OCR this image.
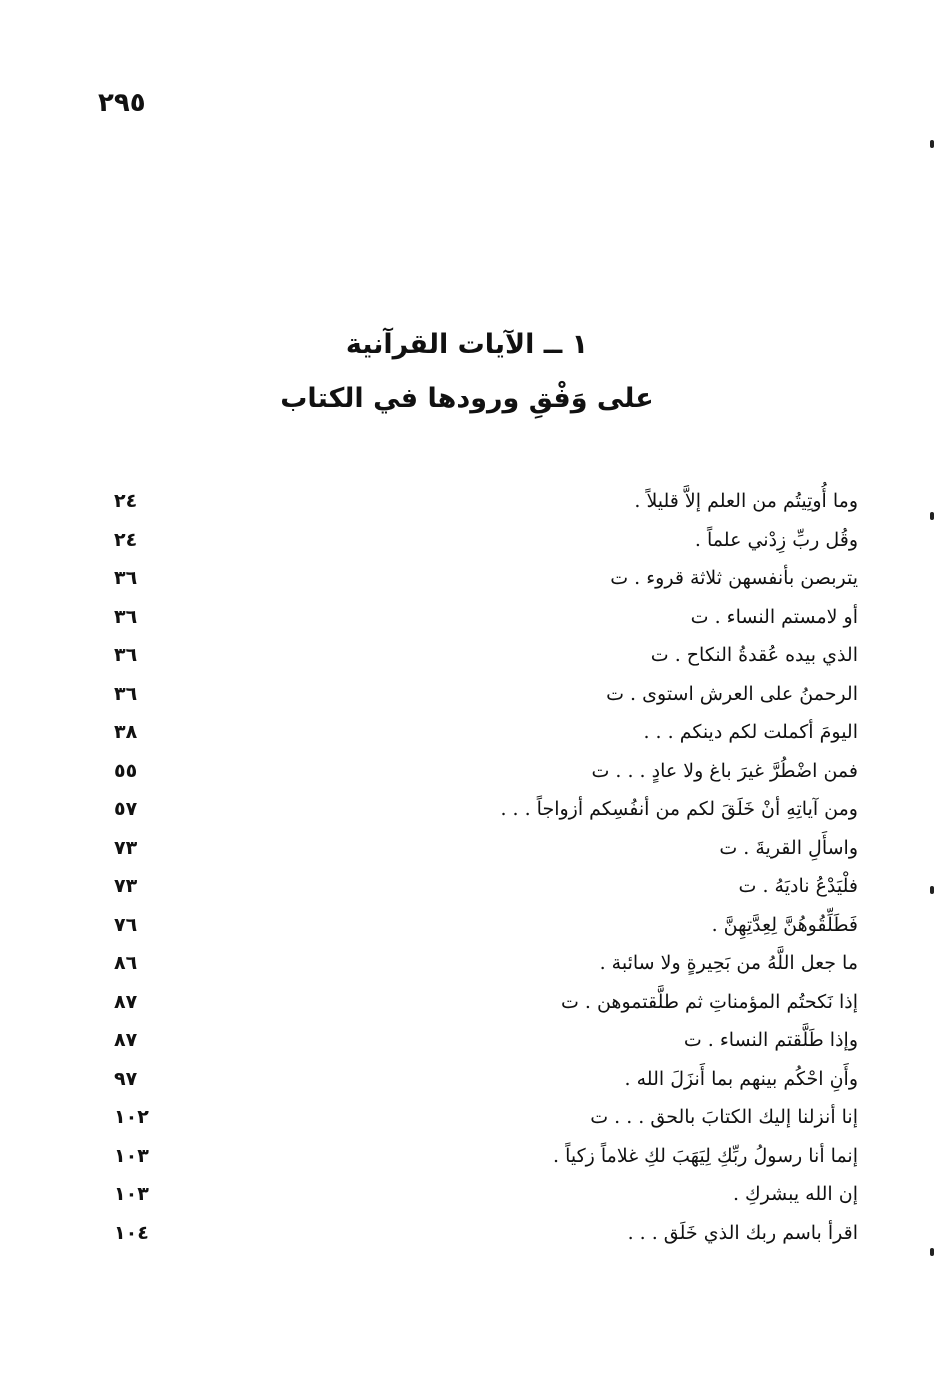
٢٩٥
١ ــ الآيات القرآنية
على وَفْقِ ورودها في الكتاب
وما أُوتِيتُم من العلم إلاَّ قليلاً .
٢٤
وقُل ربِّ زِدْني علماً .
٢٤
يتربصن بأنفسهن ثلاثة قروء . ت
٣٦
أو لامستم النساء . ت
٣٦
الذي بيده عُقدةُ النكاح . ت
٣٦
الرحمنُ على العرش استوى . ت
٣٦
اليومَ أكملت لكم دينكم . . .
٣٨
فمن اضْطُرَّ غيرَ باغ ولا عادٍ . . . ت
٥٥
ومن آياتِهِ أنْ خَلَقَ لكم من أنفُسِكم أزواجاً . . .
٥٧
واسأَلِ القريةَ . ت
٧٣
فلْيَدْعُ ناديَهُ . ت
٧٣
فَطَلِّقُوهُنَّ لِعِدَّتِهِنَّ .
٧٦
ما جعل اللَّهُ من بَحِيرةٍ ولا سائبة .
٨٦
إذا نَكحتُم المؤمناتِ ثم طلَّقتموهن . ت
٨٧
وإذا طَلَّقتم النساء . ت
٨٧
وأَنِ احْكُم بينهم بما أَنزَلَ الله .
٩٧
إنا أنزلنا إليك الكتابَ بالحق . . . ت
١٠٢
إنما أنا رسولُ ربِّكِ لِيَهَبَ لكِ غلاماً زكياً .
١٠٣
إن الله يبشركِ .
١٠٣
اقرأ باسم ربك الذي خَلَق . . .
١٠٤
